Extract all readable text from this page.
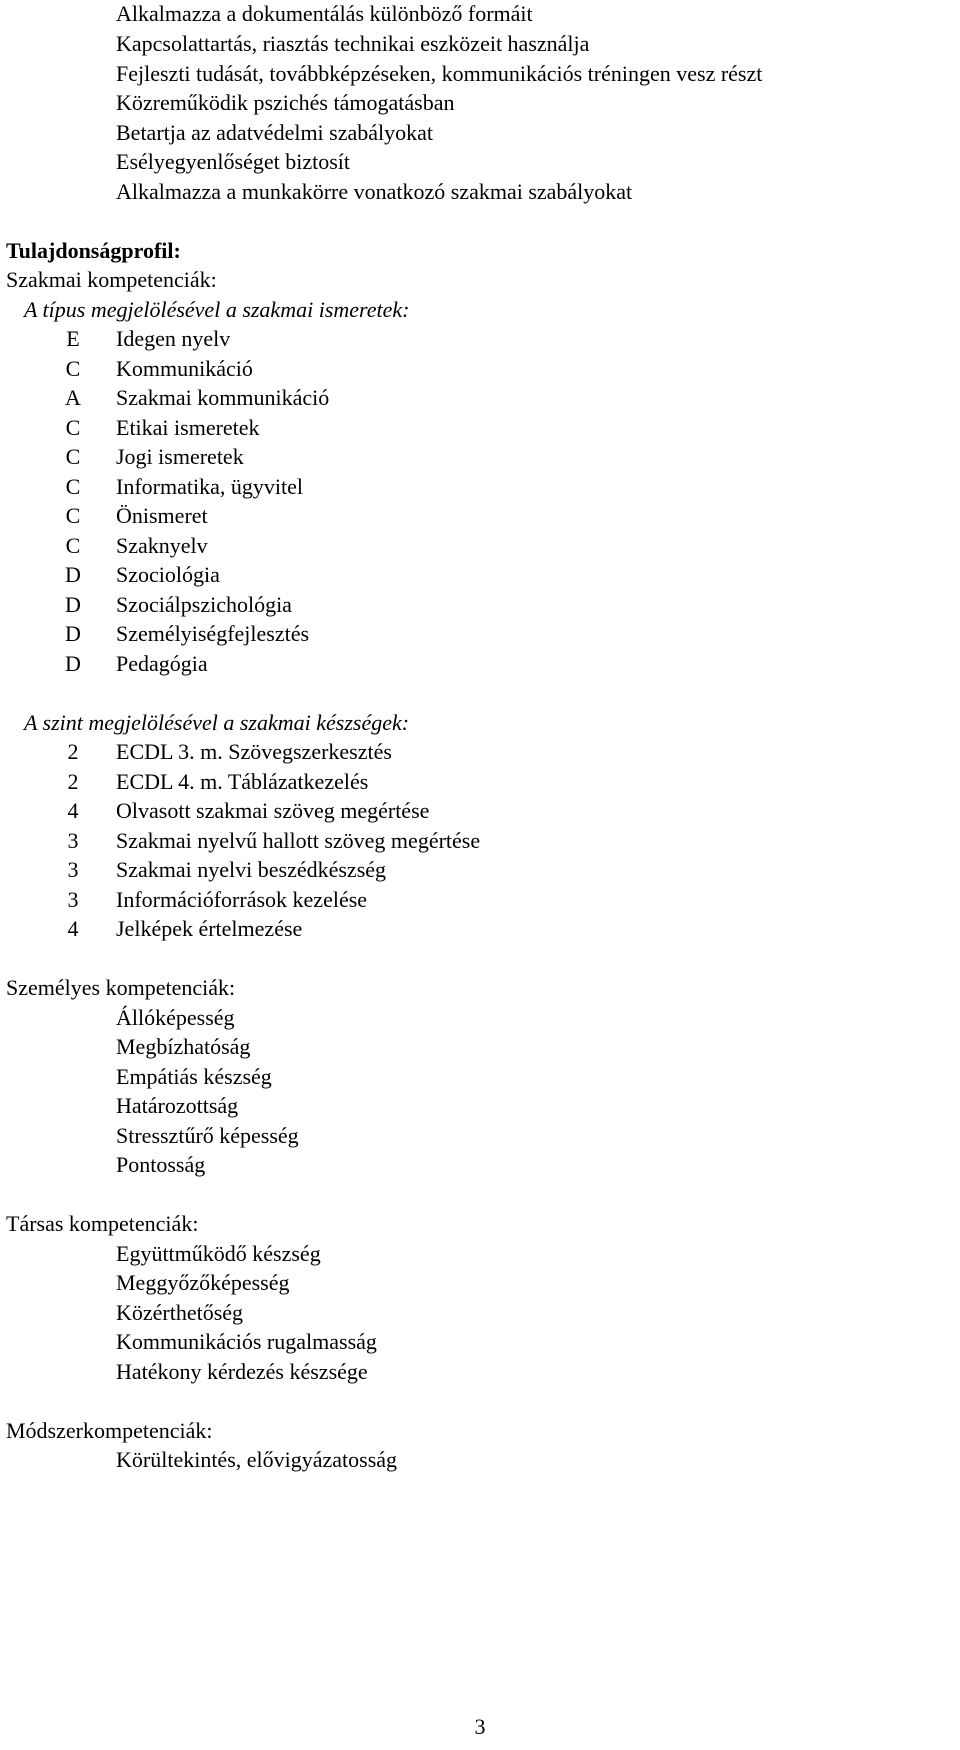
Alkalmazza a dokumentálás különböző formáit
Kapcsolattartás, riasztás technikai eszközeit használja
Fejleszti tudását, továbbképzéseken, kommunikációs tréningen vesz részt
Közreműködik pszichés támogatásban
Betartja az adatvédelmi szabályokat
Esélyegyenlőséget biztosít
Alkalmazza a munkakörre vonatkozó szakmai szabályokat
Tulajdonságprofil:
Szakmai kompetenciák:
A típus megjelölésével a szakmai ismeretek:
E Idegen nyelv
C Kommunikáció
A Szakmai kommunikáció
C Etikai ismeretek
C Jogi ismeretek
C Informatika, ügyvitel
C Önismeret
C Szaknyelv
D Szociológia
D Szociálpszichológia
D Személyiségfejlesztés
D Pedagógia
A szint megjelölésével a szakmai készségek:
2	ECDL 3. m. Szövegszerkesztés
2	ECDL 4. m. Táblázatkezelés
4	Olvasott szakmai szöveg megértése
3	Szakmai nyelvű hallott szöveg megértése
3	Szakmai nyelvi beszédkészség
3	Információforrások kezelése
4	Jelképek értelmezése
Személyes kompetenciák:
Állóképesség
Megbízhatóság
Empátiás készség
Határozottság
Stressztűrő képesség
Pontosság
Társas kompetenciák:
Együttműködő készség
Meggyőzőképesség
Közérthetőség
Kommunikációs rugalmasság
Hatékony kérdezés készsége
Módszerkompetenciák:
Körültekintés, elővigyázatosság
3
